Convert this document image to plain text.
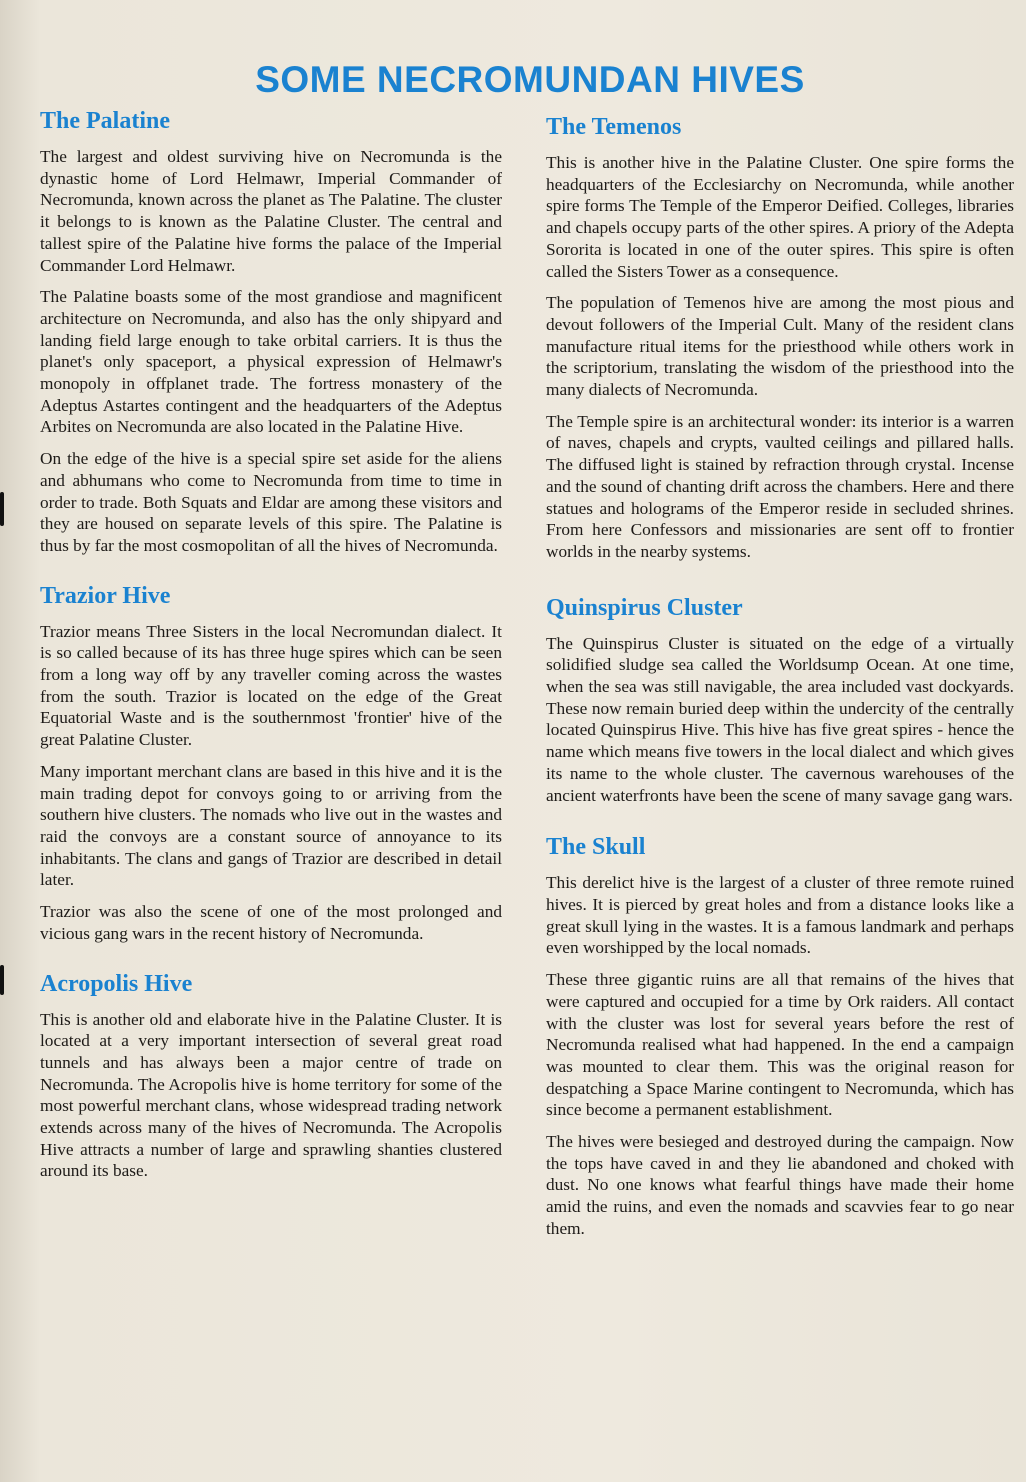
SOME NECROMUNDAN HIVES
The Palatine

The largest and oldest surviving hive on Necromunda is the dynastic home of Lord Helmawr, Imperial Commander of Necromunda, known across the planet as The Palatine. The cluster it belongs to is known as the Palatine Cluster. The central and tallest spire of the Palatine hive forms the palace of the Imperial Commander Lord Helmawr.

The Palatine boasts some of the most grandiose and magnificent architecture on Necromunda, and also has the only shipyard and landing field large enough to take orbital carriers. It is thus the planet's only spaceport, a physical expression of Helmawr's monopoly in offplanet trade. The fortress monastery of the Adeptus Astartes contingent and the headquarters of the Adeptus Arbites on Necromunda are also located in the Palatine Hive.

On the edge of the hive is a special spire set aside for the aliens and abhumans who come to Necromunda from time to time in order to trade. Both Squats and Eldar are among these visitors and they are housed on separate levels of this spire. The Palatine is thus by far the most cosmopolitan of all the hives of Necromunda.

Trazior Hive

Trazior means Three Sisters in the local Necromundan dialect. It is so called because of its has three huge spires which can be seen from a long way off by any traveller coming across the wastes from the south. Trazior is located on the edge of the Great Equatorial Waste and is the southernmost 'frontier' hive of the great Palatine Cluster.

Many important merchant clans are based in this hive and it is the main trading depot for convoys going to or arriving from the southern hive clusters. The nomads who live out in the wastes and raid the convoys are a constant source of annoyance to its inhabitants. The clans and gangs of Trazior are described in detail later.

Trazior was also the scene of one of the most prolonged and vicious gang wars in the recent history of Necromunda.

Acropolis Hive

This is another old and elaborate hive in the Palatine Cluster. It is located at a very important intersection of several great road tunnels and has always been a major centre of trade on Necromunda. The Acropolis hive is home territory for some of the most powerful merchant clans, whose widespread trading network extends across many of the hives of Necromunda. The Acropolis Hive attracts a number of large and sprawling shanties clustered around its base.

The Temenos

This is another hive in the Palatine Cluster. One spire forms the headquarters of the Ecclesiarchy on Necromunda, while another spire forms The Temple of the Emperor Deified. Colleges, libraries and chapels occupy parts of the other spires. A priory of the Adepta Sororita is located in one of the outer spires. This spire is often called the Sisters Tower as a consequence.

The population of Temenos hive are among the most pious and devout followers of the Imperial Cult. Many of the resident clans manufacture ritual items for the priesthood while others work in the scriptorium, translating the wisdom of the priesthood into the many dialects of Necromunda.

The Temple spire is an architectural wonder: its interior is a warren of naves, chapels and crypts, vaulted ceilings and pillared halls. The diffused light is stained by refraction through crystal. Incense and the sound of chanting drift across the chambers. Here and there statues and holograms of the Emperor reside in secluded shrines. From here Confessors and missionaries are sent off to frontier worlds in the nearby systems.

Quinspirus Cluster

The Quinspirus Cluster is situated on the edge of a virtually solidified sludge sea called the Worldsump Ocean. At one time, when the sea was still navigable, the area included vast dockyards. These now remain buried deep within the undercity of the centrally located Quinspirus Hive. This hive has five great spires - hence the name which means five towers in the local dialect and which gives its name to the whole cluster. The cavernous warehouses of the ancient waterfronts have been the scene of many savage gang wars.

The Skull

This derelict hive is the largest of a cluster of three remote ruined hives. It is pierced by great holes and from a distance looks like a great skull lying in the wastes. It is a famous landmark and perhaps even worshipped by the local nomads.

These three gigantic ruins are all that remains of the hives that were captured and occupied for a time by Ork raiders. All contact with the cluster was lost for several years before the rest of Necromunda realised what had happened. In the end a campaign was mounted to clear them. This was the original reason for despatching a Space Marine contingent to Necromunda, which has since become a permanent establishment.

The hives were besieged and destroyed during the campaign. Now the tops have caved in and they lie abandoned and choked with dust. No one knows what fearful things have made their home amid the ruins, and even the nomads and scavvies fear to go near them.
